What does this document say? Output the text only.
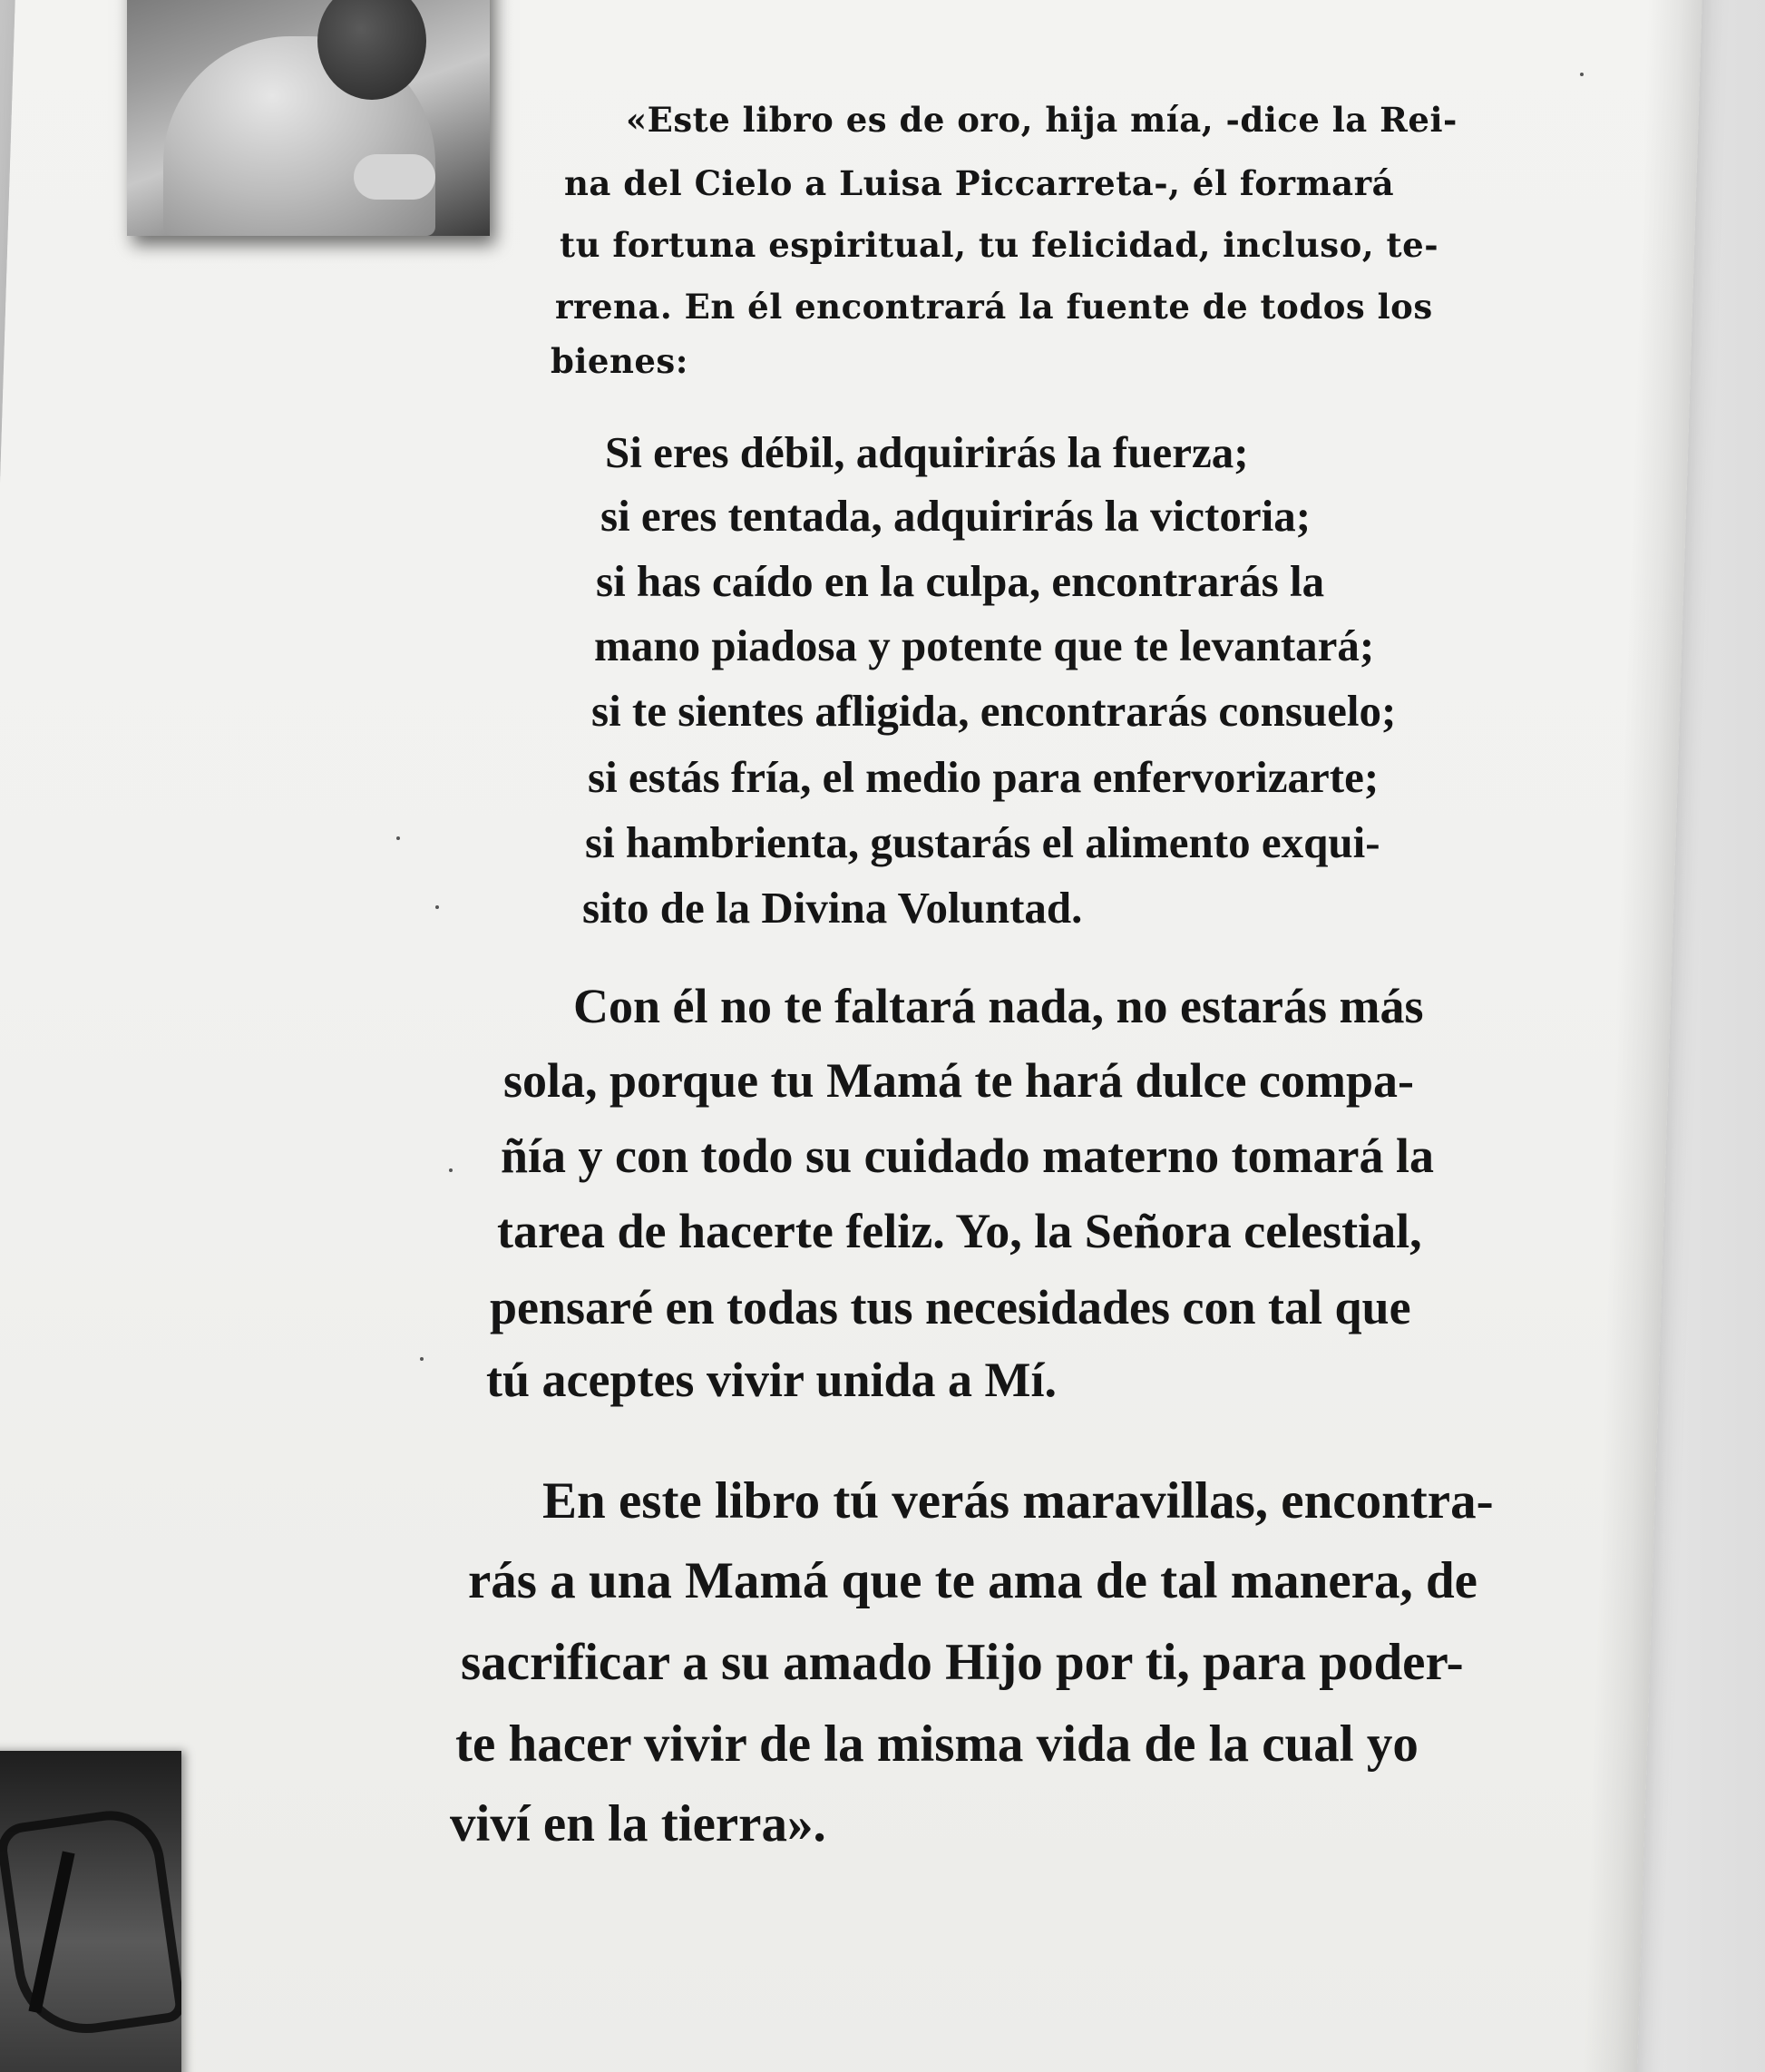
«Este libro es de oro, hija mía, -dice la Rei-
na del Cielo a Luisa Piccarreta-, él formará
tu fortuna espiritual, tu felicidad, incluso, te-
rrena. En él encontrará la fuente de todos los
bienes:
Si eres débil, adquirirás la fuerza;
si eres tentada, adquirirás la victoria;
si has caído en la culpa, encontrarás la
mano piadosa y potente que te levantará;
si te sientes afligida, encontrarás consuelo;
si estás fría, el medio para enfervorizarte;
si hambrienta, gustarás el alimento exqui-
sito de la Divina Voluntad.
Con él no te faltará nada, no estarás más
sola, porque tu Mamá te hará dulce compa-
ñía y con todo su cuidado materno tomará la
tarea de hacerte feliz. Yo, la Señora celestial,
pensaré en todas tus necesidades con tal que
tú aceptes vivir unida a Mí.
En este libro tú verás maravillas, encontra-
rás a una Mamá que te ama de tal manera, de
sacrificar a su amado Hijo por ti, para poder-
te hacer vivir de la misma vida de la cual yo
viví en la tierra».
